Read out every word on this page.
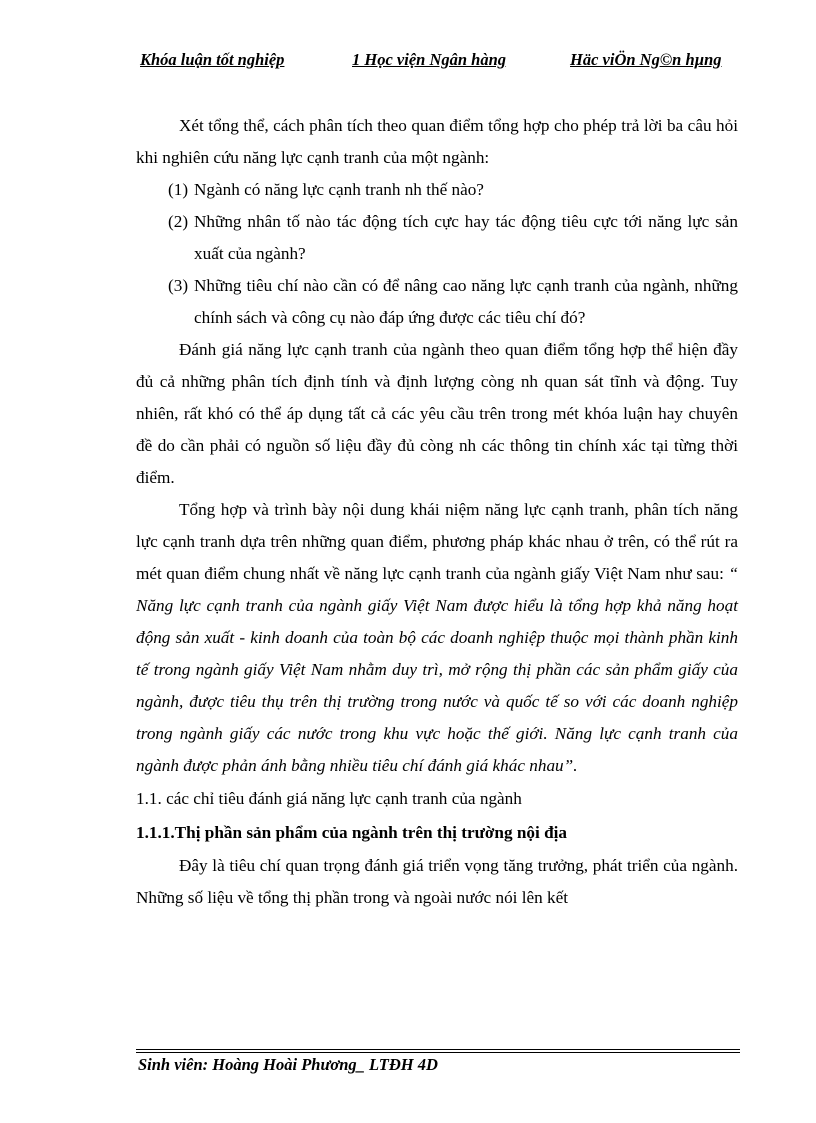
Khóa luận tốt nghiệp	1 Học viện Ngân hàng	Häc viÖn Ng©n hµng

Xét tổng thể, cách phân tích theo quan điểm tổng hợp cho phép trả lời ba câu hỏi khi nghiên cứu năng lực cạnh tranh của một ngành:

(1) Ngành có năng lực cạnh tranh nh thế nào?
(2) Những nhân tố nào tác động tích cực hay tác động tiêu cực tới năng lực sản xuất của ngành?
(3) Những tiêu chí nào cần có để nâng cao năng lực cạnh tranh của ngành, những chính sách và công cụ nào đáp ứng được các tiêu chí đó?

Đánh giá năng lực cạnh tranh của ngành theo quan điểm tổng hợp thể hiện đầy đủ cả những phân tích định tính và định lượng còng nh quan sát tĩnh và động. Tuy nhiên, rất khó có thể áp dụng tất cả các yêu cầu trên trong mét khóa luận hay chuyên đề do cần phải có nguồn số liệu đầy đủ còng nh các thông tin chính xác tại từng thời điểm.

Tổng hợp và trình bày nội dung khái niệm năng lực cạnh tranh, phân tích năng lực cạnh tranh dựa trên những quan điểm, phương pháp khác nhau ở trên, có thể rút ra mét quan điểm chung nhất về năng lực cạnh tranh của ngành giấy Việt Nam như sau: “ Năng lực cạnh tranh của ngành giấy Việt Nam được hiểu là tổng hợp khả năng hoạt động sản xuất - kinh doanh của toàn bộ các doanh nghiệp thuộc mọi thành phần kinh tế trong ngành giấy Việt Nam nhằm duy trì, mở rộng thị phần các sản phẩm giấy của ngành, được tiêu thụ trên thị trường trong nước và quốc tế so với các doanh nghiệp trong ngành giấy các nước trong khu vực hoặc thế giới. Năng lực cạnh tranh của ngành được phản ánh bằng nhiều tiêu chí đánh giá khác nhau”.

1.1. các chỉ tiêu đánh giá năng lực cạnh tranh của ngành

1.1.1.Thị phần sản phẩm của ngành trên thị trường nội địa

Đây là tiêu chí quan trọng đánh giá triển vọng tăng trưởng, phát triển của ngành. Những số liệu về tổng thị phần trong và ngoài nước nói lên kết

Sinh viên: Hoàng Hoài Phương_ LTĐH 4D
